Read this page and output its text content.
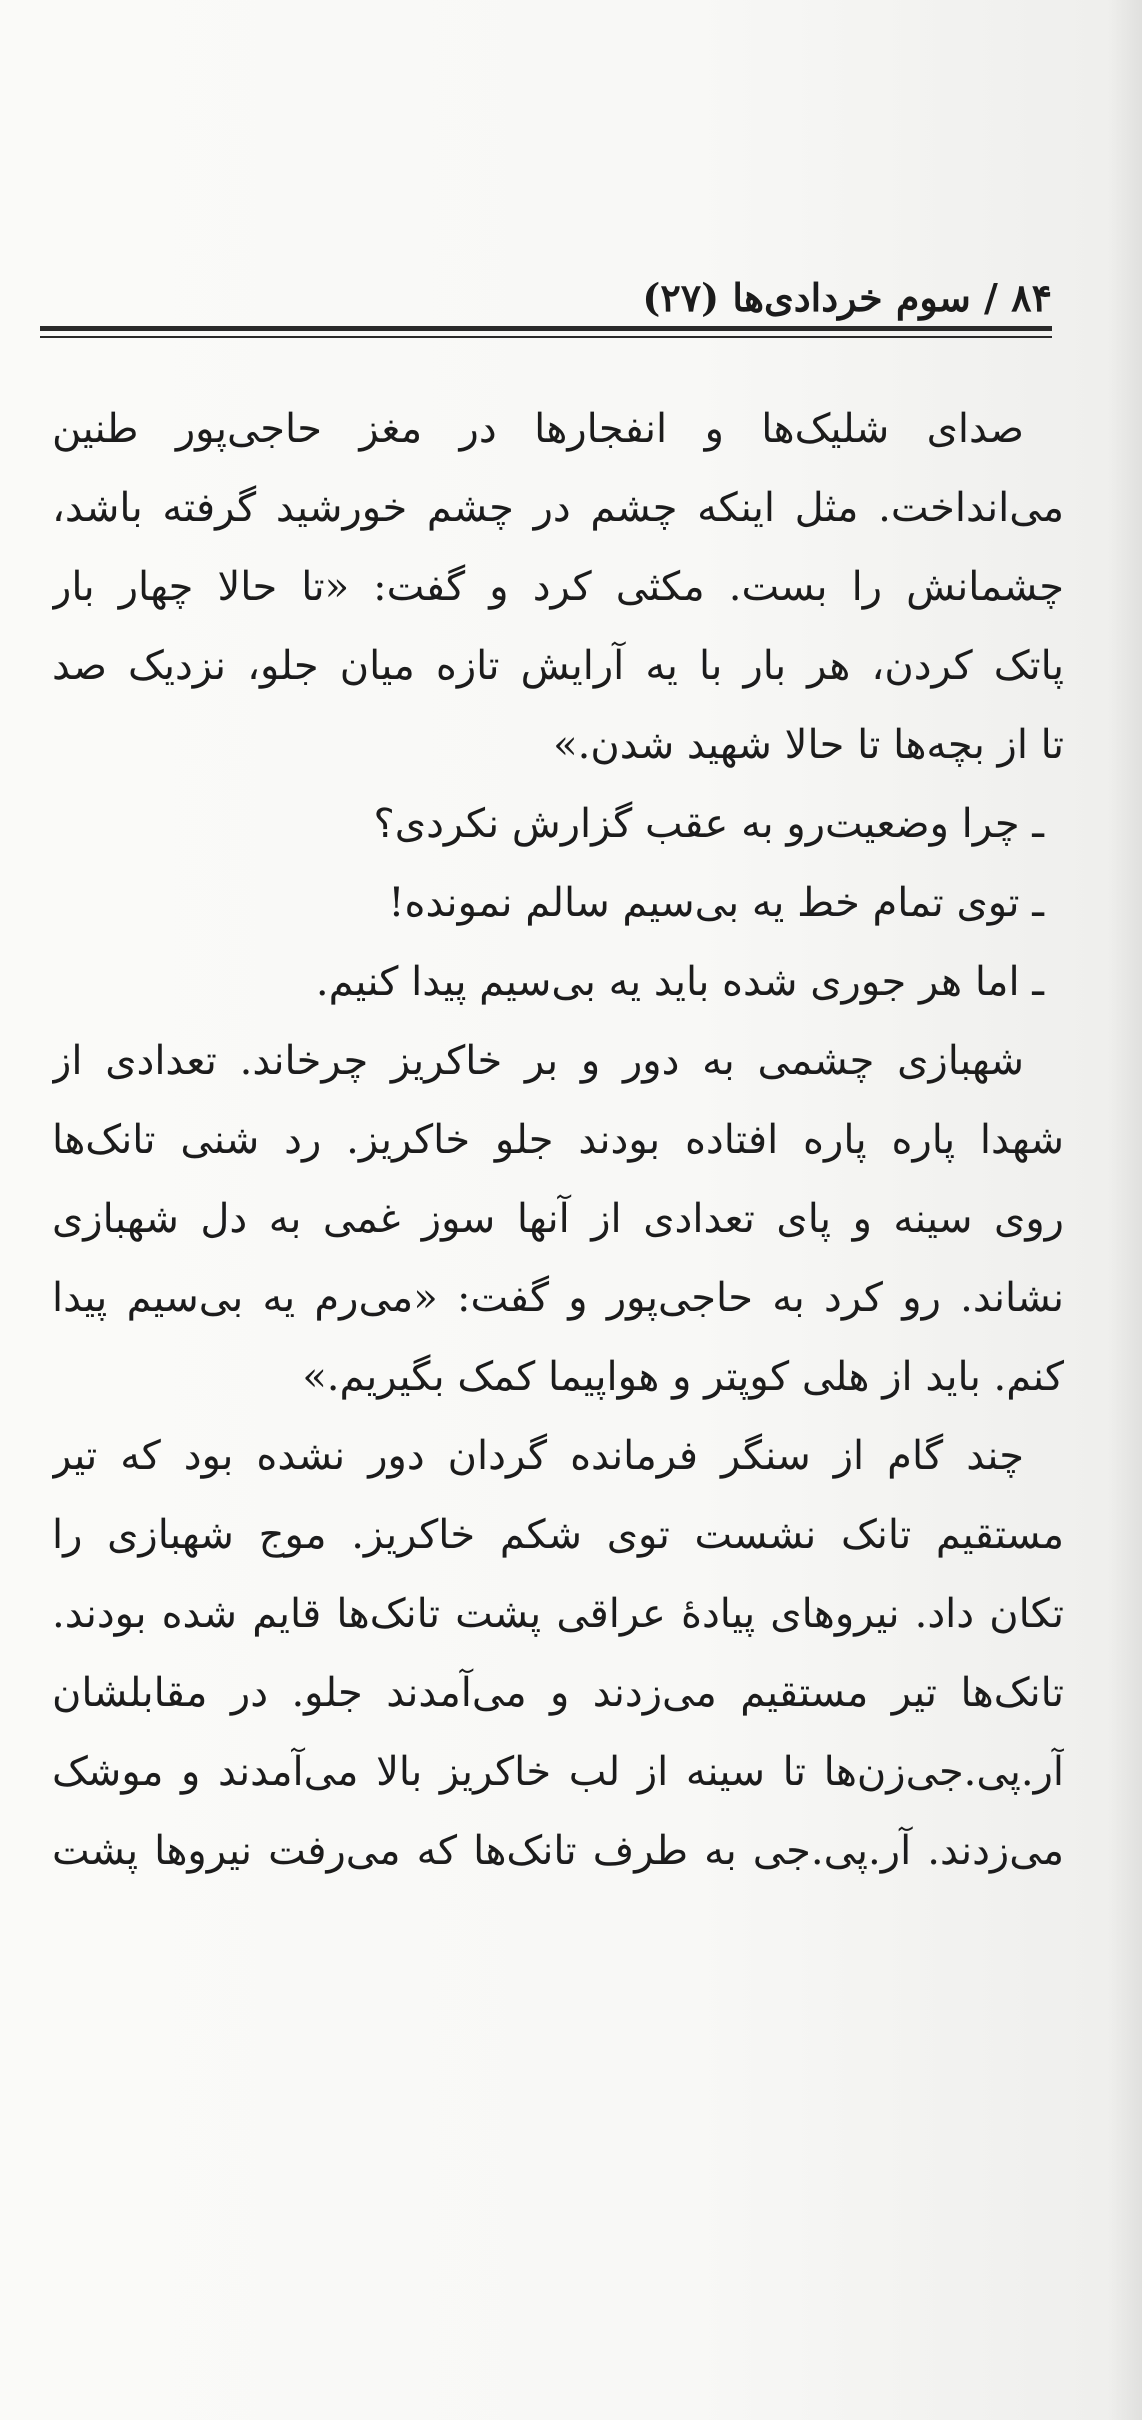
۸۴ / سوم خردادی‌ها (۲۷)
صدای شلیک‌ها و انفجارها در مغز حاجی‌پور طنین
می‌انداخت. مثل اینکه چشم در چشم خورشید گرفته باشد،
چشمانش را بست. مکثی کرد و گفت: «تا حالا چهار بار
پاتک کردن، هر بار با یه آرایش تازه میان جلو، نزدیک صد
تا از بچه‌ها تا حالا شهید شدن.»
ـ چرا وضعیت‌رو به عقب گزارش نکردی؟
ـ توی تمام خط یه بی‌سیم سالم نمونده!
ـ اما هر جوری شده باید یه بی‌سیم پیدا کنیم.
شهبازی چشمی به دور و بر خاکریز چرخاند. تعدادی از
شهدا پاره پاره افتاده بودند جلو خاکریز. رد شنی تانک‌ها
روی سینه و پای تعدادی از آنها سوز غمی به دل شهبازی
نشاند. رو کرد به حاجی‌پور و گفت: «می‌رم یه بی‌سیم پیدا
کنم. باید از هلی کوپتر و هواپیما کمک بگیریم.»
چند گام از سنگر فرمانده گردان دور نشده بود که تیر
مستقیم تانک نشست توی شکم خاکریز. موج شهبازی را
تکان داد. نیروهای پیادهٔ عراقی پشت تانک‌ها قایم شده بودند.
تانک‌ها تیر مستقیم می‌زدند و می‌آمدند جلو. در مقابلشان
آر.پی.جی‌زن‌ها تا سینه از لب خاکریز بالا می‌آمدند و موشک
می‌زدند. آر.پی.جی به طرف تانک‌ها که می‌رفت نیروها پشت
